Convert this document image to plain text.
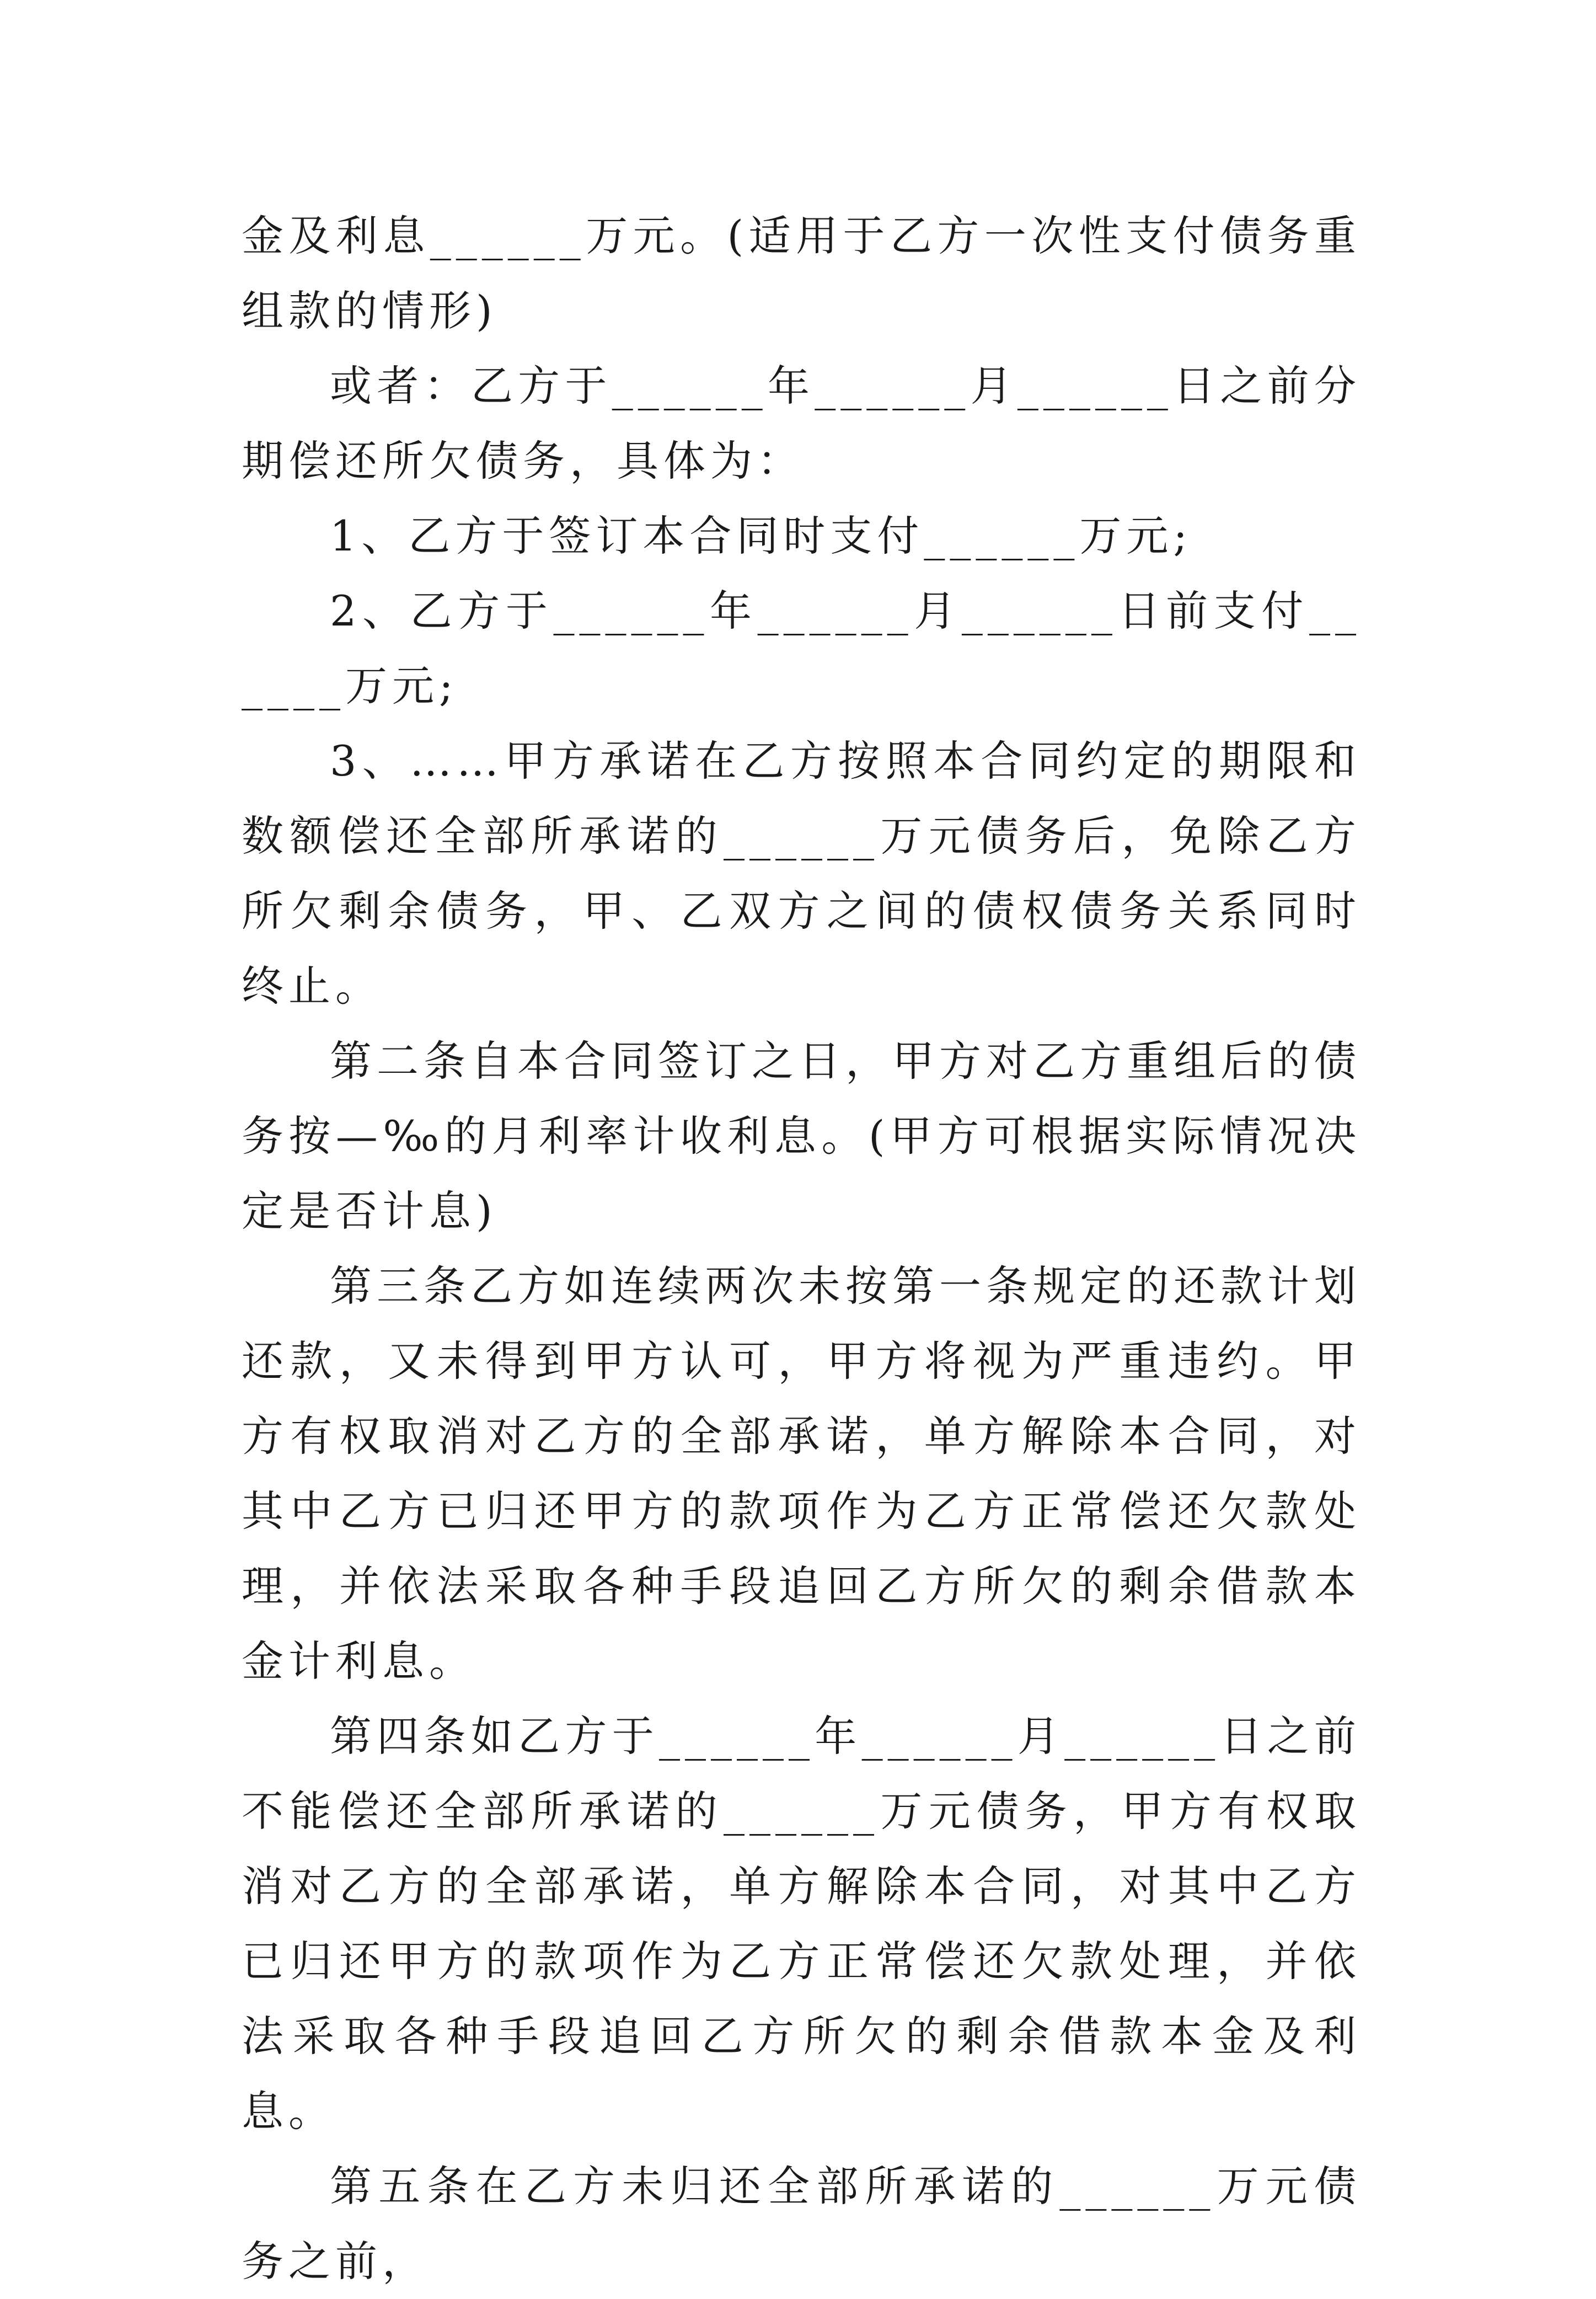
金及利息______万元。(适用于乙方一次性支付债务重组款的情形)

或者：乙方于______年______月______日之前分期偿还所欠债务，具体为：

1、乙方于签订本合同时支付______万元;

2、乙方于______年______月______日前支付______万元;

3、……甲方承诺在乙方按照本合同约定的期限和数额偿还全部所承诺的______万元债务后，免除乙方所欠剩余债务，甲、乙双方之间的债权债务关系同时终止。

第二条自本合同签订之日，甲方对乙方重组后的债务按—‰的月利率计收利息。(甲方可根据实际情况决定是否计息)

第三条乙方如连续两次未按第一条规定的还款计划还款，又未得到甲方认可，甲方将视为严重违约。甲方有权取消对乙方的全部承诺，单方解除本合同，对其中乙方已归还甲方的款项作为乙方正常偿还欠款处理，并依法采取各种手段追回乙方所欠的剩余借款本金计利息。

第四条如乙方于______年______月______日之前不能偿还全部所承诺的______万元债务，甲方有权取消对乙方的全部承诺，单方解除本合同，对其中乙方已归还甲方的款项作为乙方正常偿还欠款处理，并依法采取各种手段追回乙方所欠的剩余借款本金及利息。

第五条在乙方未归还全部所承诺的______万元债务之前，
